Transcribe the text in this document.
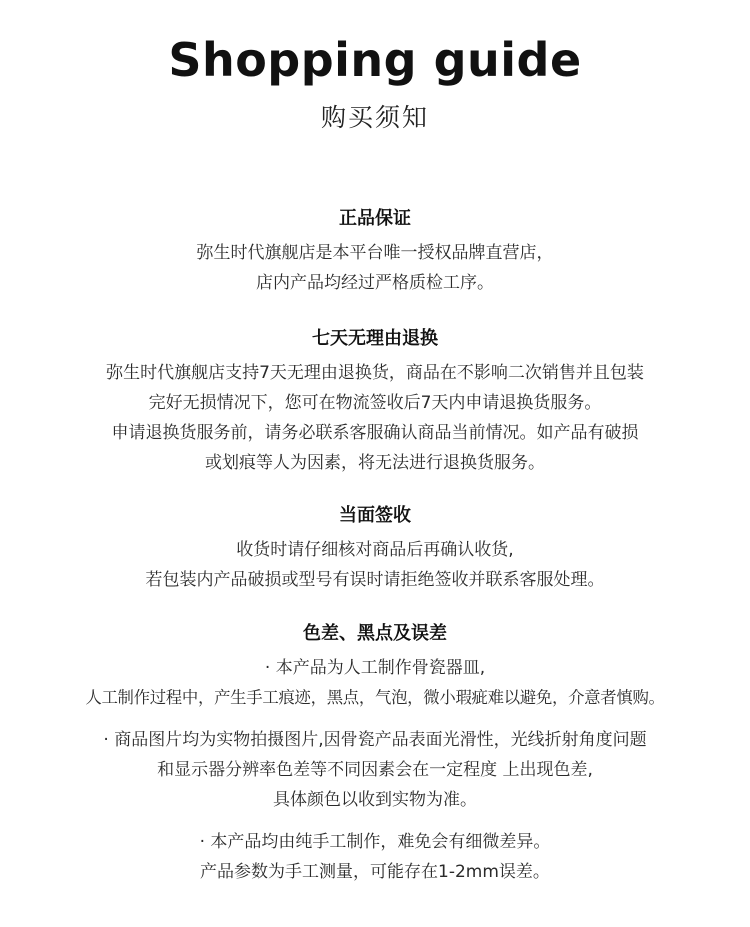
Shopping guide
购买须知
正品保证
弥生时代旗舰店是本平台唯一授权品牌直营店，
店内产品均经过严格质检工序。
七天无理由退换
弥生时代旗舰店支持7天无理由退换货，商品在不影响二次销售并且包装
完好无损情况下，您可在物流签收后7天内申请退换货服务。
申请退换货服务前，请务必联系客服确认商品当前情况。如产品有破损
或划痕等人为因素，将无法进行退换货服务。
当面签收
收货时请仔细核对商品后再确认收货,
若包装内产品破损或型号有误时请拒绝签收并联系客服处理。
色差、黑点及误差
· 本产品为人工制作骨瓷器皿,
人工制作过程中，产生手工痕迹，黑点，气泡，微小瑕疵难以避免，介意者慎购。
· 商品图片均为实物拍摄图片,因骨瓷产品表面光滑性，光线折射角度问题
和显示器分辨率色差等不同因素会在一定程度 上出现色差,
具体颜色以收到实物为准。
· 本产品均由纯手工制作，难免会有细微差异。
产品参数为手工测量，可能存在1-2mm误差。
